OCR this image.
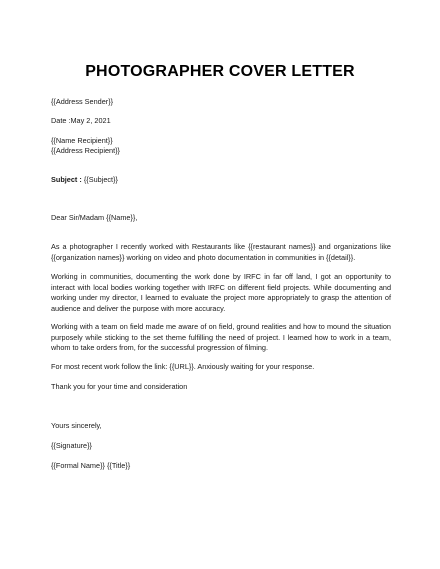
PHOTOGRAPHER COVER LETTER
{{Address Sender}}
Date :May 2, 2021
{{Name Recipient}}
{{Address Recipient}}
Subject : {{Subject}}
Dear Sir/Madam {{Name}},

As a photographer I recently worked with Restaurants like {{restaurant names}} and organizations like {{organization names}} working on video and photo documentation in communities in {{detail}}.

Working in communities, documenting the work done by IRFC in far off land, I got an opportunity to interact with local bodies working together with IRFC on different field projects. While documenting and working under my director, I learned to evaluate the project more appropriately to grasp the attention of audience and deliver the purpose with more accuracy.

Working with a team on field made me aware of on field, ground realities and how to mound the situation purposely while sticking to the set theme fulfilling the need of project. I learned how to work in a team, whom to take orders from, for the successful progression of filming.

For most recent work follow the link: {{URL}}. Anxiously waiting for your response.

Thank you for your time and consideration

Yours sincerely,
{{Signature}}
{{Formal Name}} {{Title}}
